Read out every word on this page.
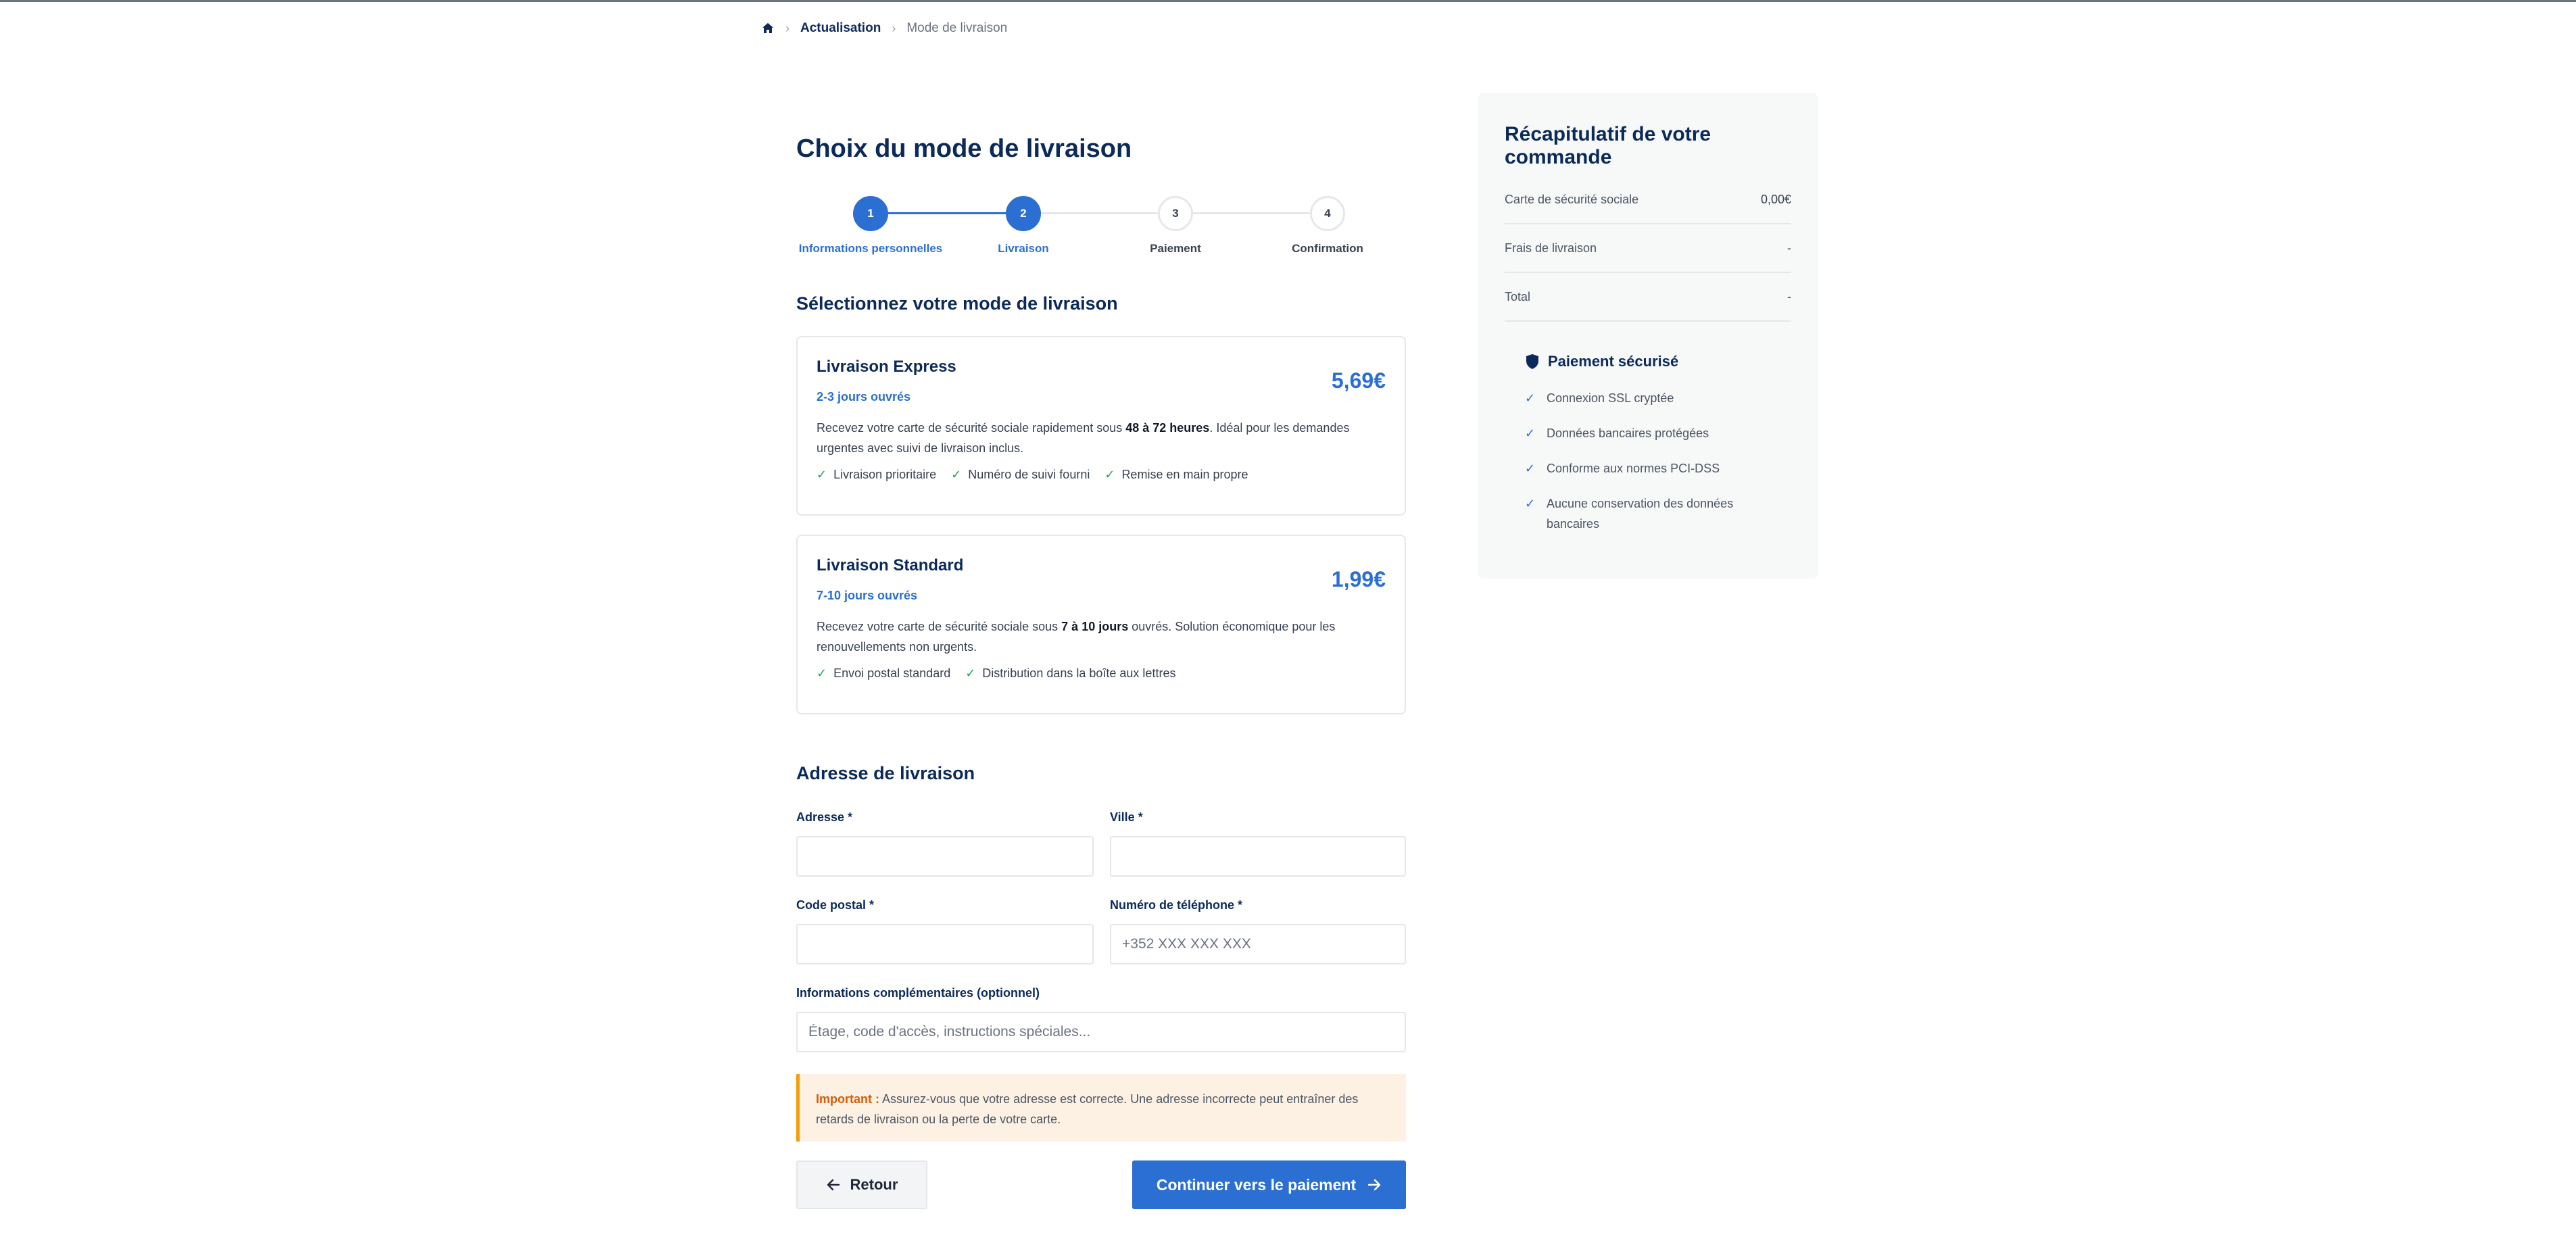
› Actualisation › Mode de livraison
Choix du mode de livraison
1
Informations personnelles
2
Livraison
3
Paiement
4
Confirmation
Sélectionnez votre mode de livraison
Livraison Express
2-3 jours ouvrés
5,69€
Recevez votre carte de sécurité sociale rapidement sous 48 à 72 heures. Idéal pour les demandes urgentes avec suivi de livraison inclus.
✓ Livraison prioritaire ✓ Numéro de suivi fourni ✓ Remise en main propre
Livraison Standard
7-10 jours ouvrés
1,99€
Recevez votre carte de sécurité sociale sous 7 à 10 jours ouvrés. Solution économique pour les renouvellements non urgents.
✓ Envoi postal standard ✓ Distribution dans la boîte aux lettres
Adresse de livraison
Adresse *	Ville *
Code postal *	Numéro de téléphone *
+352 XXX XXX XXX
Informations complémentaires (optionnel)
Étage, code d'accès, instructions spéciales...
Important : Assurez-vous que votre adresse est correcte. Une adresse incorrecte peut entraîner des retards de livraison ou la perte de votre carte.
Retour	Continuer vers le paiement
Récapitulatif de votre commande
Carte de sécurité sociale	0,00€
Frais de livraison	-
Total	-
Paiement sécurisé
✓ Connexion SSL cryptée
✓ Données bancaires protégées
✓ Conforme aux normes PCI-DSS
✓ Aucune conservation des données bancaires
